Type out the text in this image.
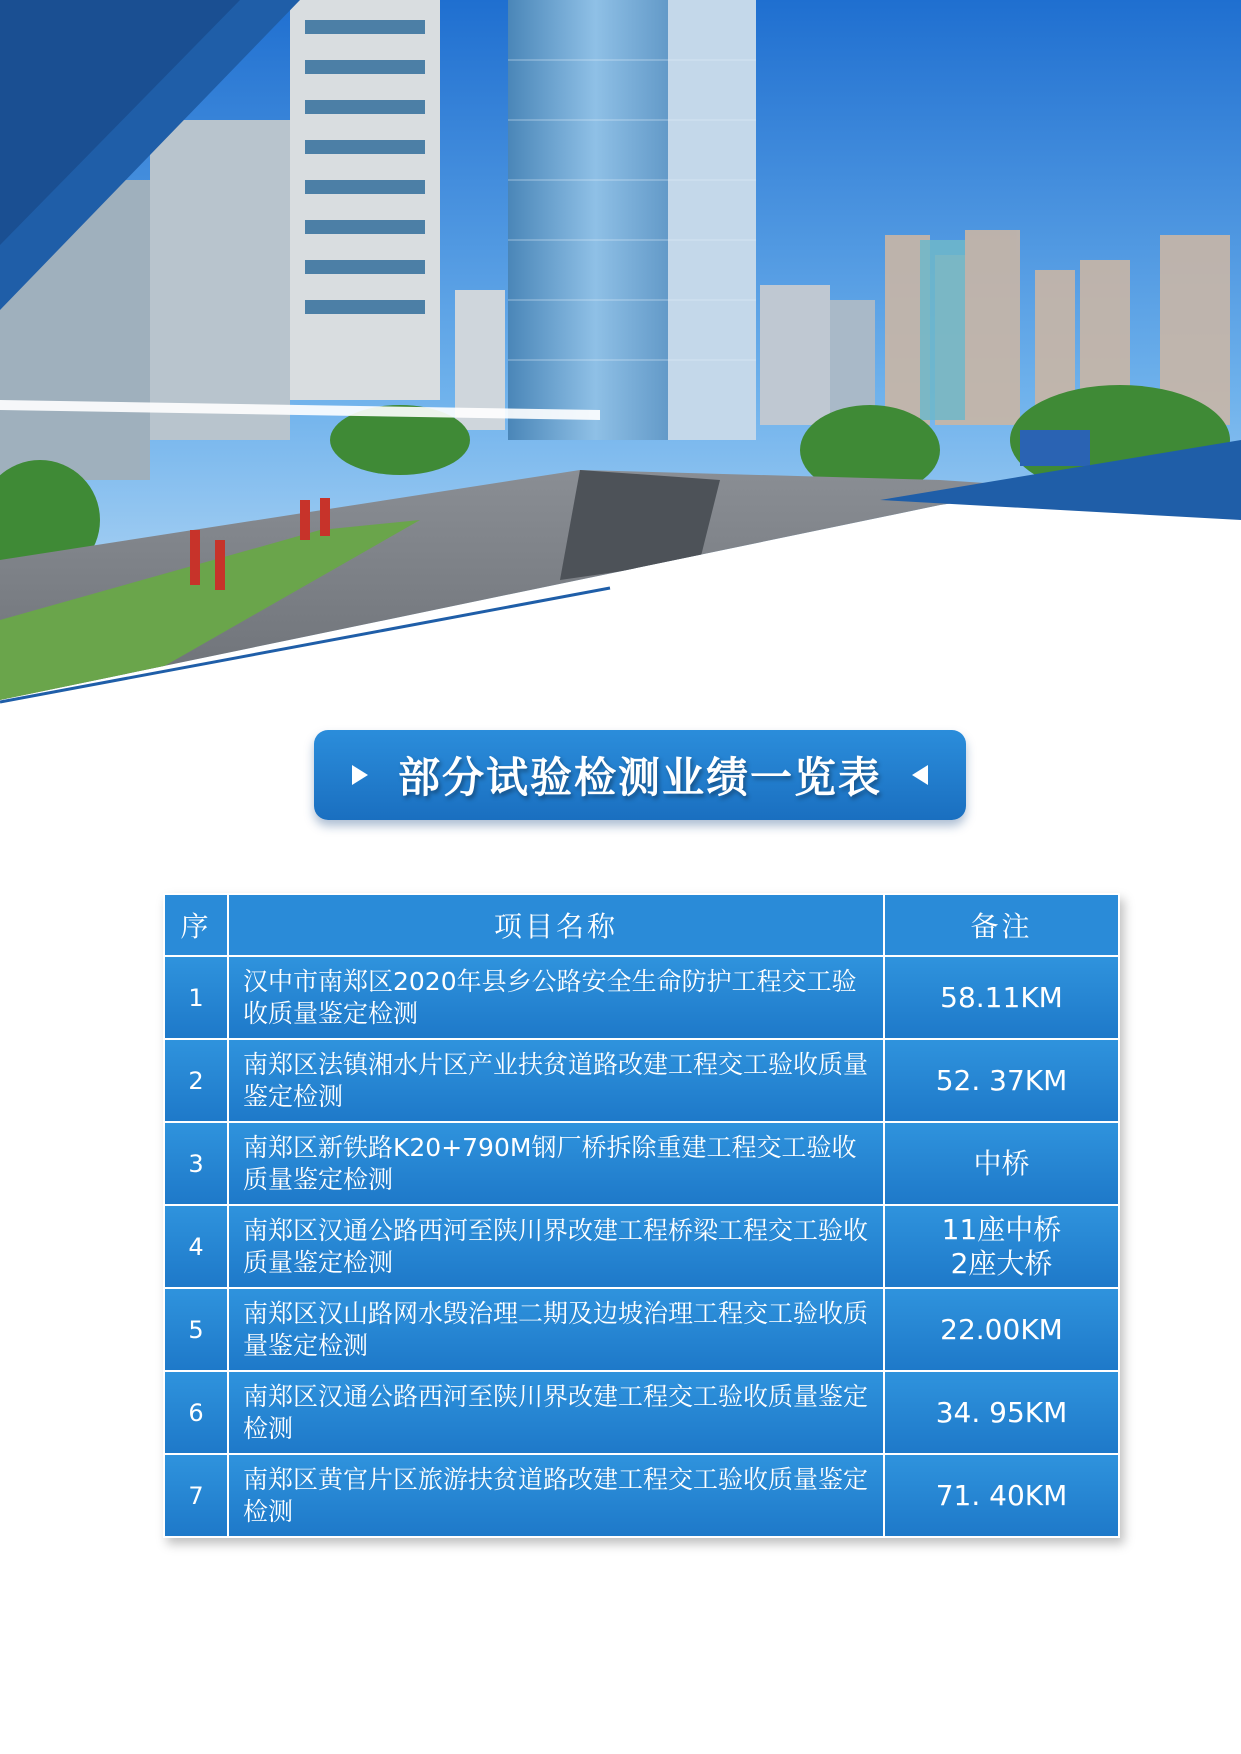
部分试验检测业绩一览表
序	项目名称	备注
1	汉中市南郑区2020年县乡公路安全生命防护工程交工验收质量鉴定检测	58.11KM
2	南郑区法镇湘水片区产业扶贫道路改建工程交工验收质量鉴定检测	52. 37KM
3	南郑区新铁路K20+790M钢厂桥拆除重建工程交工验收质量鉴定检测	中桥
4	南郑区汉通公路西河至陕川界改建工程桥梁工程交工验收质量鉴定检测	11座中桥
2座大桥
5	南郑区汉山路网水毁治理二期及边坡治理工程交工验收质量鉴定检测	22.00KM
6	南郑区汉通公路西河至陕川界改建工程交工验收质量鉴定检测	34. 95KM
7	南郑区黄官片区旅游扶贫道路改建工程交工验收质量鉴定检测	71. 40KM
